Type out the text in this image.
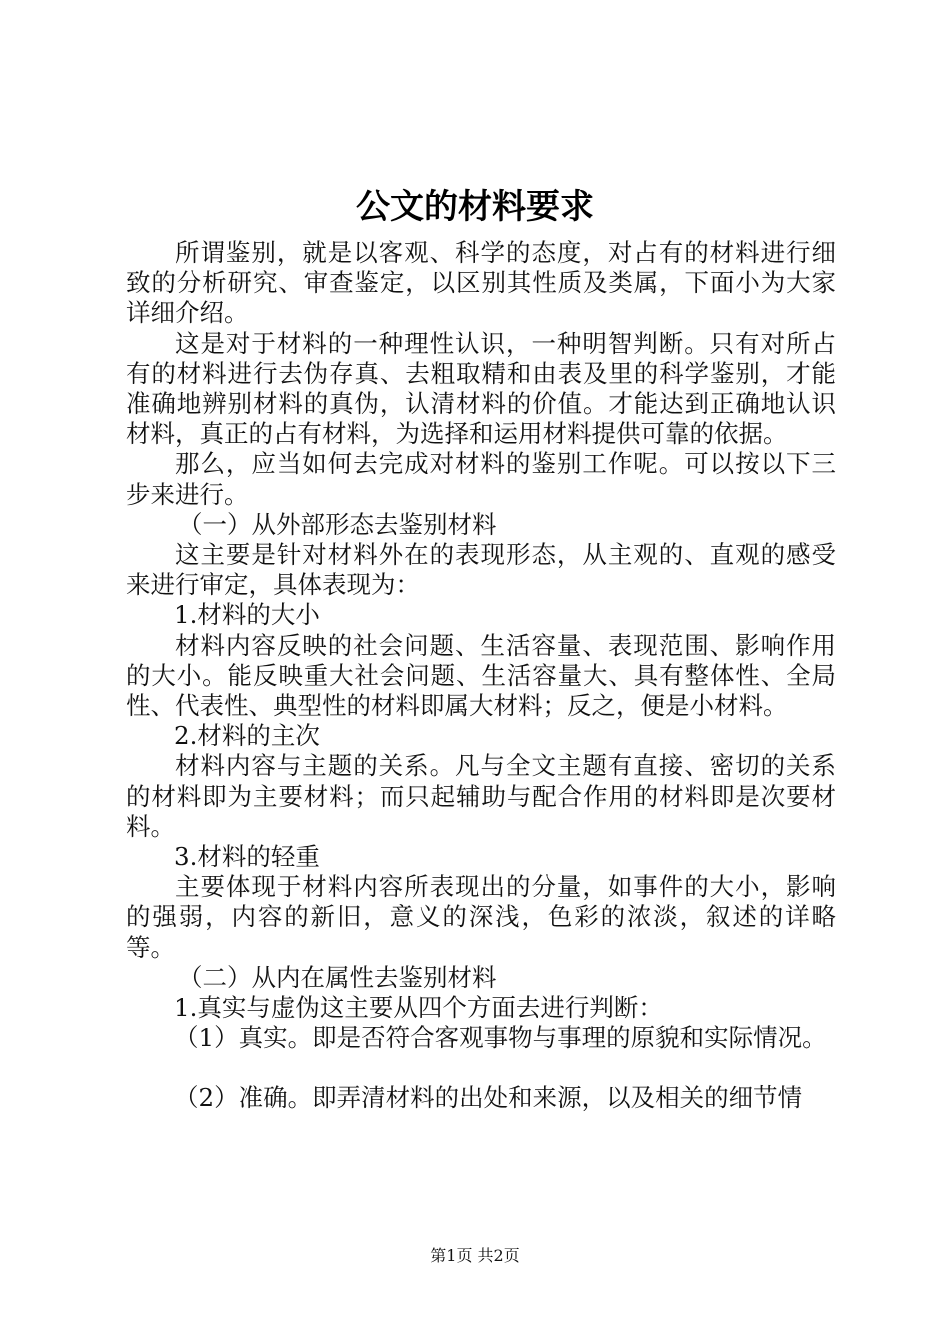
公文的材料要求

所谓鉴别，就是以客观、科学的态度，对占有的材料进行细致的分析研究、审查鉴定，以区别其性质及类属，下面小为大家详细介绍。

这是对于材料的一种理性认识，一种明智判断。只有对所占有的材料进行去伪存真、去粗取精和由表及里的科学鉴别，才能准确地辨别材料的真伪，认清材料的价值。才能达到正确地认识材料，真正的占有材料，为选择和运用材料提供可靠的依据。

那么，应当如何去完成对材料的鉴别工作呢。可以按以下三步来进行。

（一）从外部形态去鉴别材料

这主要是针对材料外在的表现形态，从主观的、直观的感受来进行审定，具体表现为：

1.材料的大小

材料内容反映的社会问题、生活容量、表现范围、影响作用的大小。能反映重大社会问题、生活容量大、具有整体性、全局性、代表性、典型性的材料即属大材料；反之，便是小材料。

2.材料的主次

材料内容与主题的关系。凡与全文主题有直接、密切的关系的材料即为主要材料；而只起辅助与配合作用的材料即是次要材料。

3.材料的轻重

主要体现于材料内容所表现出的分量，如事件的大小，影响的强弱，内容的新旧，意义的深浅，色彩的浓淡，叙述的详略等。

（二）从内在属性去鉴别材料

1.真实与虚伪这主要从四个方面去进行判断：

（1）真实。即是否符合客观事物与事理的原貌和实际情况。

（2）准确。即弄清材料的出处和来源，以及相关的细节情

第1页 共2页
